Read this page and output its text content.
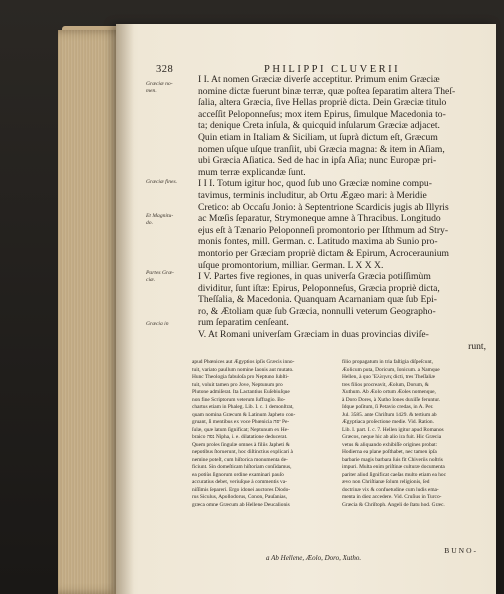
328	PHILIPPI CLUVERII
Græciæ no-
men.
Græciæ fines.
Et Magnitu-
do.
Partes Græ-
ciæ.
Græcia in

I I. At nomen Græciæ diverſe acceptitur. Primum enim Græciæ
nomine dictæ fuerunt binæ terræ, quæ poſtea ſeparatim altera Theſ-
ſalia, altera Græcia, ſive Hellas propriè dicta. Dein Græciæ titulo
acceſſit Peloponneſus; mox item Epirus, ſimulque Macedonia to-
ta; denique Creta inſula, & quicquid inſularum Græciæ adjacet.
Quin etiam in Italiam & Siciliam, ut ſuprà dictum eſt, Græcum
nomen uſque uſque tranſiit, ubi Græcia magna: & item in Aſiam,
ubi Græcia Aſiatica. Sed de hac in ipſa Aſia; nunc Europæ pri-
mum terræ explicandæ ſunt.

I I I. Totum igitur hoc, quod ſub uno Græciæ nomine compu-
tavimus, terminis includitur, ab Ortu Ægæo mari: à Meridie
Cretico: ab Occaſu Jonio: à Septentrione Scardicis jugis ab Illyris
ac Mœſis ſeparatur, Strymoneque amne à Thracibus. Longitudo
ejus eſt à Tænario Peloponneſi promontorio per Iſthmum ad Stry-
monis fontes, mill. German. c. Latitudo maxima ab Sunio pro-
montorio per Græciam propriè dictam & Epirum, Acroceraunium
uſque promontorium, milliar. German. L X X X.

I V. Partes five regiones, in quas univerſa Græcia potiſſimùm
dividitur, ſunt iſtæ: Epirus, Peloponneſus, Græcia propriè dicta,
Theſſalia, & Macedonia. Quanquam Acarnaniam quæ ſub Epi-
ro, & Ætoliam quæ ſub Græcia, nonnulli veterum Geographo-
rum ſeparatim cenſeant.

V. At Romani univerſam Græciam in duas provincias diviſe-
runt,

apud Phœnices aut Ægyptios ipſis Græcis inno-
tuit, variato paullum nomine Iaonis aut mutato.
Hunc Theologia fabuloſa pro Neptuno ſubſti-
tuit, voluit tamen pro Jove, Neptunum pro
Plutone admiſerat. Ita Lactantius Euſebiuſque
non fine Scriptorum veterum ſuffragio. Bo-
chartus etiam in Phaleg. Lib. I. c. 1 demonſtrat,
quam nomina Græcum & Latinum Japheto con-
gruant, ſi mentibus ex voce Phœnicia יפה Pe-
ſulæ, quæ latum ſignificat; Neptunum ex He-
braico נפה Nipha, i. e. dilatatione deducerat.
Quem proles ſingulæ omnes à filiis Japheti &
nepotibus ſtoruerunt, hoc diſtinctius explicari à
nemine poteſt, cum hiſtorica monumenta de-
ficiunt. Sin domeſticam hiſtoriam conſidamus,
ea potiùs ſignorum ordine examinari pauſo
accuratius debet, veriuſque à commentis va-
niſſimis ſepareri. Ergo idonei auctores Diodo-
rus Siculus, Apollodorus, Conon, Pauſanias,
græca omne Græcum ab Hellene Deucalionis
filio propagatum in tria faſtigia diſpeſcunt,
Æolicum puta, Doricum, Ionicum. a Namque
Hellen, à quo Ἕλληνες dicti, tres Theſſaliæ
tres filios procreavit, Æolum, Dorum, &
Xuthum. Ab Æolo ortum Æoles nomenque,
à Doro Dores, à Xutho Iones duxiſſe feruntur.
Idque poſitum, ſi Petavio credas, in A. Per.
Jul. 3585. ante Chriſtum 1429. & tertium ab
Ægyptiaca proſectione medie. Vid. Ration.
Lib. I. part. I. c. 7. Hellen igitur apud Romanos
Græcos, neque hic ab alio ira fuit. Hic Græcia
vetus & aliquando exhibiſſe origines probat:
Hodierna ea plane poſthabet, nec tamen ipſa
barbarie magis barbara ſuis fit Chiveriis noſtris
impuri. Multa enim priſtinæ culturæ documenta
pariter aliud ſignificat caeſas multo etiam ea hoc
ævo non Chriſtianæ ſolum religionis, ſed
doctrinæ vix & confuetudine cum ludis ema-
menta in diez accedere. Vid. Cruſius in Turco-
Græcia & Chriſtoph. Angeli de ſtatu hod. Græc.
BUNO-
a Ab Hellene, Æolo, Doro, Xutho.
